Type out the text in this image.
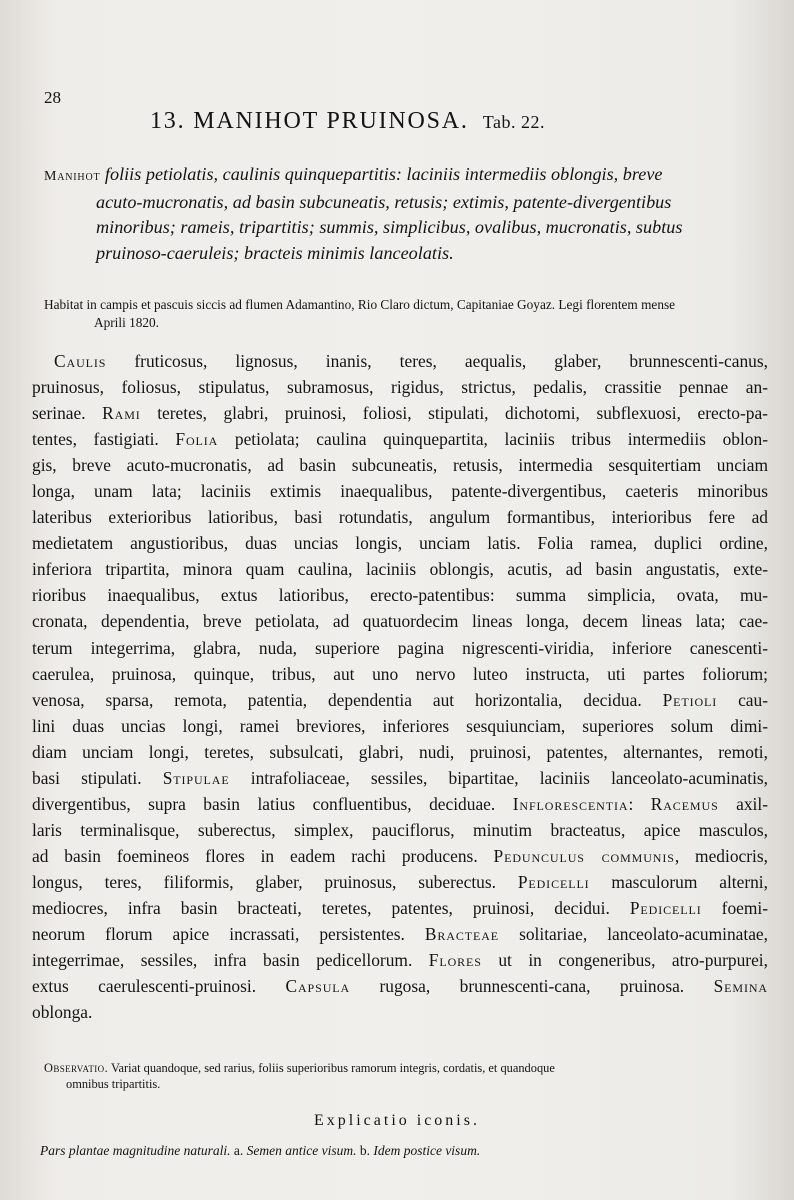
28
13. MANIHOT PRUINOSA. Tab. 22.
Manihot foliis petiolatis, caulinis quinquepartitis: laciniis intermediis oblongis, breve
acuto-mucronatis, ad basin subcuneatis, retusis; extimis, patente-divergentibus
minoribus; rameis, tripartitis; summis, simplicibus, ovalibus, mucronatis, subtus
pruinoso-caeruleis; bracteis minimis lanceolatis.
Habitat in campis et pascuis siccis ad flumen Adamantino, Rio Claro dictum, Capitaniae Goyaz. Legi florentem mense
Aprili 1820.
Caulis fruticosus, lignosus, inanis, teres, aequalis, glaber, brunnescenti-canus,
pruinosus, foliosus, stipulatus, subramosus, rigidus, strictus, pedalis, crassitie pennae an-
serinae. Rami teretes, glabri, pruinosi, foliosi, stipulati, dichotomi, subflexuosi, erecto-pa-
tentes, fastigiati. Folia petiolata; caulina quinquepartita, laciniis tribus intermediis oblon-
gis, breve acuto-mucronatis, ad basin subcuneatis, retusis, intermedia sesquitertiam unciam
longa, unam lata; laciniis extimis inaequalibus, patente-divergentibus, caeteris minoribus
lateribus exterioribus latioribus, basi rotundatis, angulum formantibus, interioribus fere ad
medietatem angustioribus, duas uncias longis, unciam latis. Folia ramea, duplici ordine,
inferiora tripartita, minora quam caulina, laciniis oblongis, acutis, ad basin angustatis, exte-
rioribus inaequalibus, extus latioribus, erecto-patentibus: summa simplicia, ovata, mu-
cronata, dependentia, breve petiolata, ad quatuordecim lineas longa, decem lineas lata; cae-
terum integerrima, glabra, nuda, superiore pagina nigrescenti-viridia, inferiore canescenti-
caerulea, pruinosa, quinque, tribus, aut uno nervo luteo instructa, uti partes foliorum;
venosa, sparsa, remota, patentia, dependentia aut horizontalia, decidua. Petioli cau-
lini duas uncias longi, ramei breviores, inferiores sesquiunciam, superiores solum dimi-
diam unciam longi, teretes, subsulcati, glabri, nudi, pruinosi, patentes, alternantes, remoti,
basi stipulati. Stipulae intrafoliaceae, sessiles, bipartitae, laciniis lanceolato-acuminatis,
divergentibus, supra basin latius confluentibus, deciduae. Inflorescentia: Racemus axil-
laris terminalisque, suberectus, simplex, pauciflorus, minutim bracteatus, apice masculos,
ad basin foemineos flores in eadem rachi producens. Pedunculus communis, mediocris,
longus, teres, filiformis, glaber, pruinosus, suberectus. Pedicelli masculorum alterni,
mediocres, infra basin bracteati, teretes, patentes, pruinosi, decidui. Pedicelli foemi-
neorum florum apice incrassati, persistentes. Bracteae solitariae, lanceolato-acuminatae,
integerrimae, sessiles, infra basin pedicellorum. Flores ut in congeneribus, atro-purpurei,
extus caerulescenti-pruinosi. Capsula rugosa, brunnescenti-cana, pruinosa. Semina
oblonga.
Observatio. Variat quandoque, sed rarius, foliis superioribus ramorum integris, cordatis, et quandoque
omnibus tripartitis.
Explicatio iconis.
Pars plantae magnitudine naturali. a. Semen antice visum. b. Idem postice visum.
